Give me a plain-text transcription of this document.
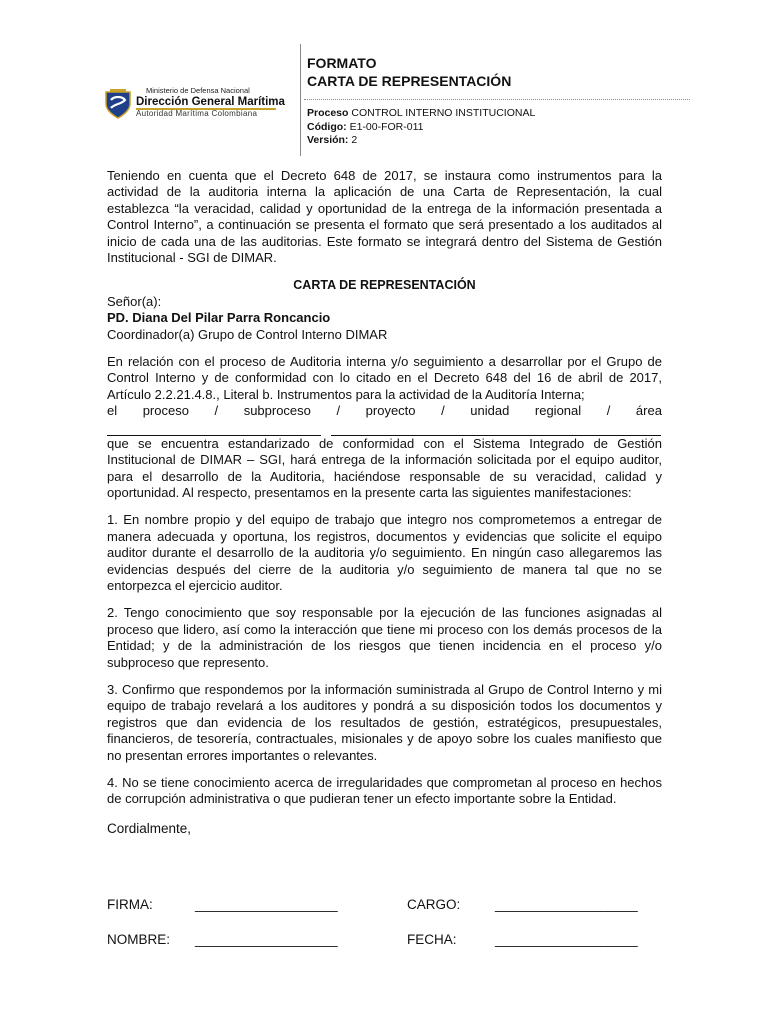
Ministerio de Defensa Nacional
Dirección General Marítima
Autoridad Marítima Colombiana
FORMATO
CARTA DE REPRESENTACIÓN
Proceso CONTROL INTERNO INSTITUCIONAL
Código: E1-00-FOR-011
Versión: 2

Teniendo en cuenta que el Decreto 648 de 2017, se instaura como instrumentos para la actividad de la auditoria interna la aplicación de una Carta de Representación, la cual establezca “la veracidad, calidad y oportunidad de la entrega de la información presentada a Control Interno”, a continuación se presenta el formato que será presentado a los auditados al inicio de cada una de las auditorias. Este formato se integrará dentro del Sistema de Gestión Institucional - SGI de DIMAR.

CARTA DE REPRESENTACIÓN

Señor(a):

PD. Diana Del Pilar Parra Roncancio

Coordinador(a) Grupo de Control Interno DIMAR

En relación con el proceso de Auditoria interna y/o seguimiento a desarrollar por el Grupo de Control Interno y de conformidad con lo citado en el Decreto 648 del 16 de abril de 2017, Artículo 2.2.21.4.8., Literal b. Instrumentos para la actividad de la Auditoría Interna;

el proceso / subproceso / proyecto / unidad regional / área

que se encuentra estandarizado de conformidad con el Sistema Integrado de Gestión Institucional de DIMAR – SGI, hará entrega de la información solicitada por el equipo auditor, para el desarrollo de la Auditoria, haciéndose responsable de su veracidad, calidad y oportunidad. Al respecto, presentamos en la presente carta las siguientes manifestaciones:

1. En nombre propio y del equipo de trabajo que integro nos comprometemos a entregar de manera adecuada y oportuna, los registros, documentos y evidencias que solicite el equipo auditor durante el desarrollo de la auditoria y/o seguimiento. En ningún caso allegaremos las evidencias después del cierre de la auditoria y/o seguimiento de manera tal que no se entorpezca el ejercicio auditor.

2. Tengo conocimiento que soy responsable por la ejecución de las funciones asignadas al proceso que lidero, así como la interacción que tiene mi proceso con los demás procesos de la Entidad; y de la administración de los riesgos que tienen incidencia en el proceso y/o subproceso que represento.

3. Confirmo que respondemos por la información suministrada al Grupo de Control Interno y mi equipo de trabajo revelará a los auditores y pondrá a su disposición todos los documentos y registros que dan evidencia de los resultados de gestión, estratégicos, presupuestales, financieros, de tesorería, contractuales, misionales y de apoyo sobre los cuales manifiesto que no presentan errores importantes o relevantes.

4. No se tiene conocimiento acerca de irregularidades que comprometan al proceso en hechos de corrupción administrativa o que pudieran tener un efecto importante sobre la Entidad.

Cordialmente,

FIRMA:	___________________	CARGO:	___________________
NOMBRE: ___________________	FECHA:	___________________
